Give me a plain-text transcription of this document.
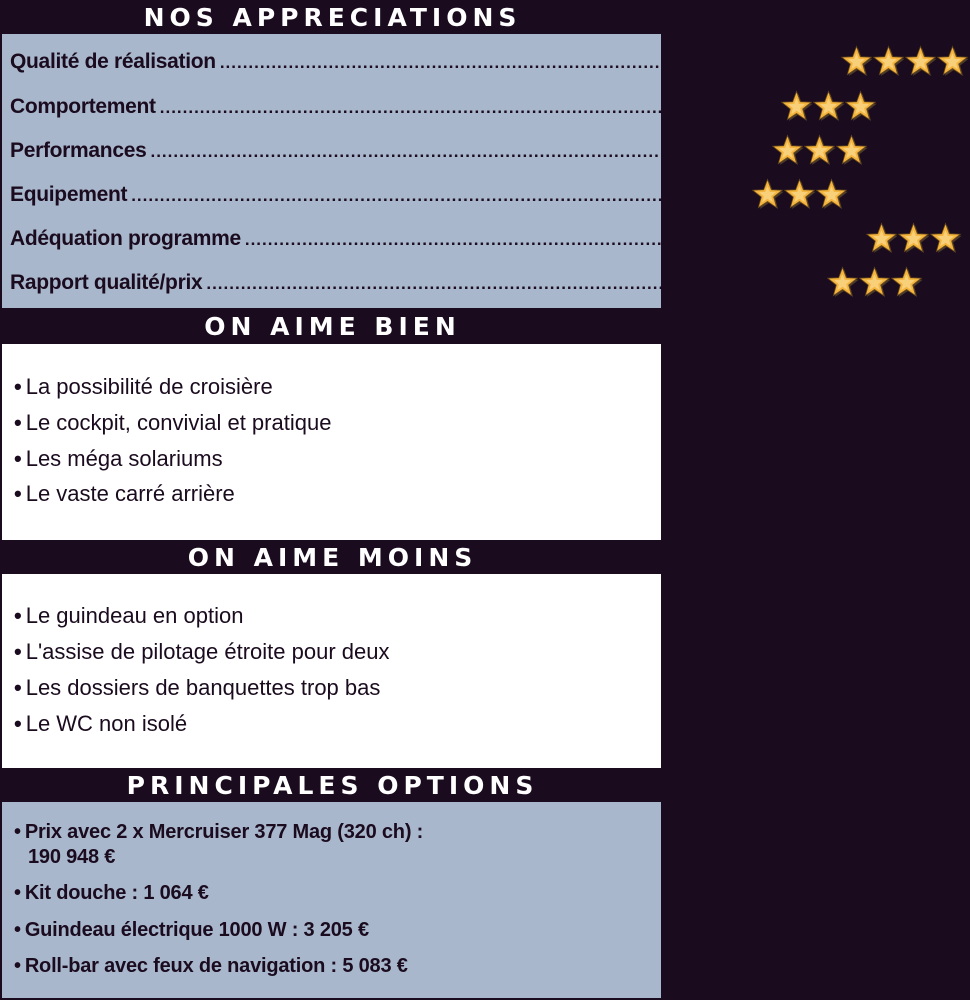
NOS APPRECIATIONS
Qualité de réalisation ............................................................................................................
Comportement ............................................................................................................
Performances ............................................................................................................
Equipement ............................................................................................................
Adéquation programme ............................................................................................................
Rapport qualité/prix ............................................................................................................
ON AIME BIEN
• La possibilité de croisière
• Le cockpit, convivial et pratique
• Les méga solariums
• Le vaste carré arrière
ON AIME MOINS
• Le guindeau en option
• L'assise de pilotage étroite pour deux
• Les dossiers de banquettes trop bas
• Le WC non isolé
PRINCIPALES OPTIONS
• Prix avec 2 x Mercruiser 377 Mag (320 ch) :
190 948 €
• Kit douche : 1 064 €
• Guindeau électrique 1000 W : 3 205 €
• Roll-bar avec feux de navigation : 5 083 €
